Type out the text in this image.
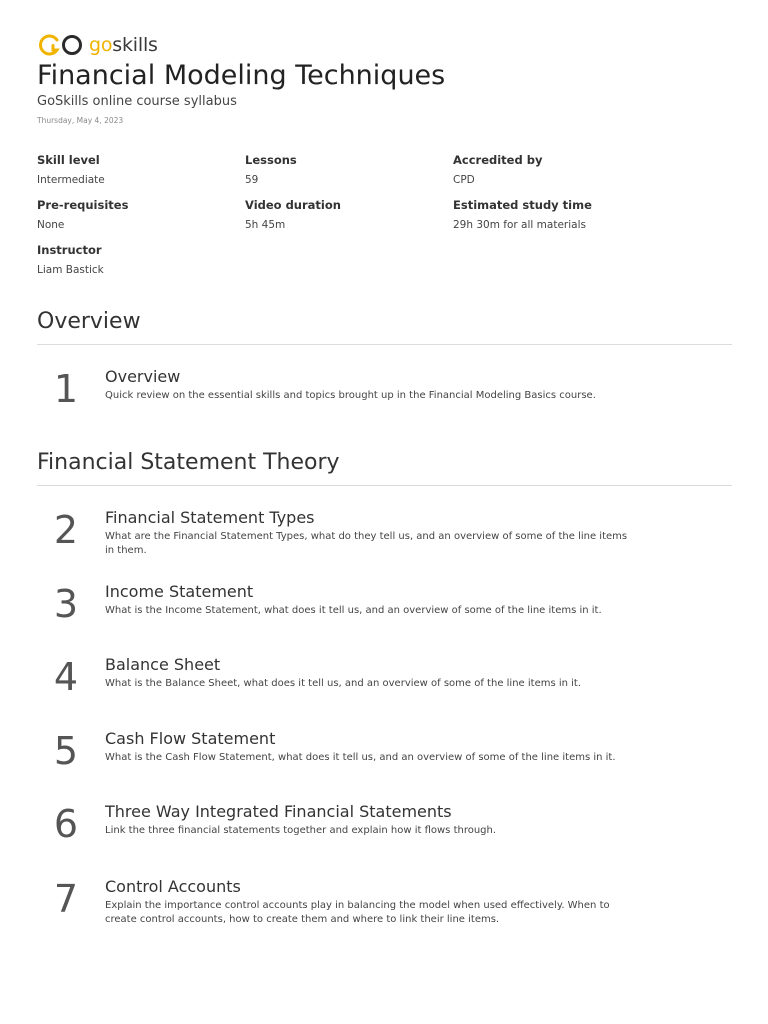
goskills
Financial Modeling Techniques
GoSkills online course syllabus
Thursday, May 4, 2023
Skill level
Intermediate
Lessons
59
Accredited by
CPD
Pre-requisites
None
Video duration
5h 45m
Estimated study time
29h 30m for all materials
Instructor
Liam Bastick
Overview
1	Overview
Quick review on the essential skills and topics brought up in the Financial Modeling Basics course.
Financial Statement Theory
2	Financial Statement Types
What are the Financial Statement Types, what do they tell us, and an overview of some of the line items in them.
3	Income Statement
What is the Income Statement, what does it tell us, and an overview of some of the line items in it.
4	Balance Sheet
What is the Balance Sheet, what does it tell us, and an overview of some of the line items in it.
5	Cash Flow Statement
What is the Cash Flow Statement, what does it tell us, and an overview of some of the line items in it.
6	Three Way Integrated Financial Statements
Link the three financial statements together and explain how it flows through.
7	Control Accounts
Explain the importance control accounts play in balancing the model when used effectively. When to create control accounts, how to create them and where to link their line items.
